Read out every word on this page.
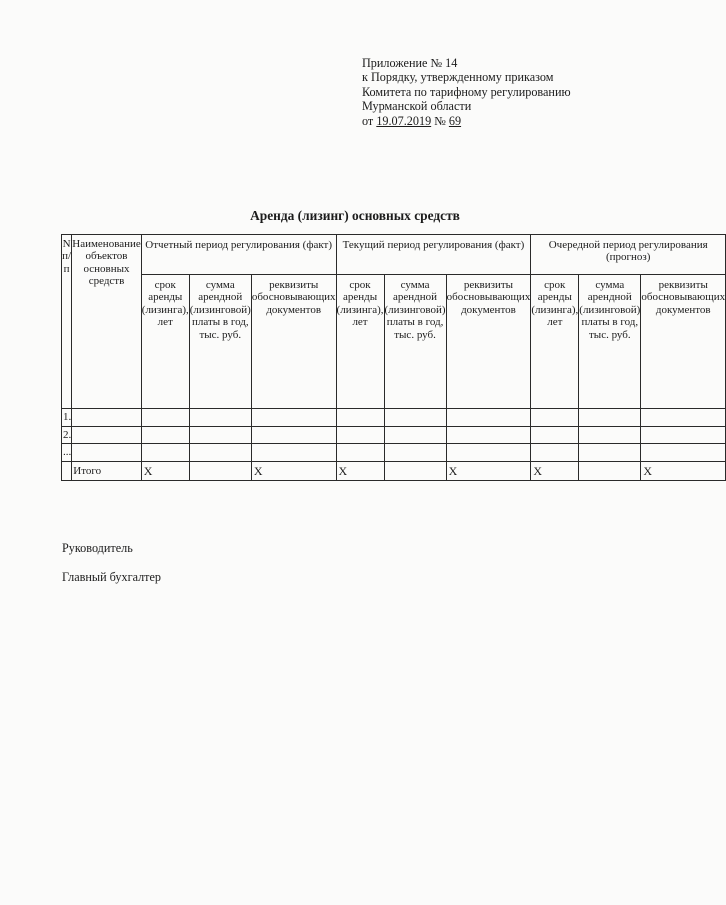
Приложение № 14
к Порядку, утвержденному приказом
Комитета по тарифному регулированию
Мурманской области
от 19.07.2019 № 69
Аренда (лизинг) основных средств
N п/п	Наименование объектов основных средств	Отчетный период регулирования (факт)			Текущий период регулирования (факт)			Очередной период регулирования (прогноз)		
		срок аренды (лизинга), лет	сумма арендной (лизинговой) платы в год, тыс. руб.	реквизиты обосновывающих документов	срок аренды (лизинга), лет	сумма арендной (лизинговой) платы в год, тыс. руб.	реквизиты обосновывающих документов	срок аренды (лизинга), лет	сумма арендной (лизинговой) платы в год, тыс. руб.	реквизиты обосновывающих документов
1.										
2.										
...										
	Итого	X		X	X		X	X		X
Руководитель
Главный бухгалтер
